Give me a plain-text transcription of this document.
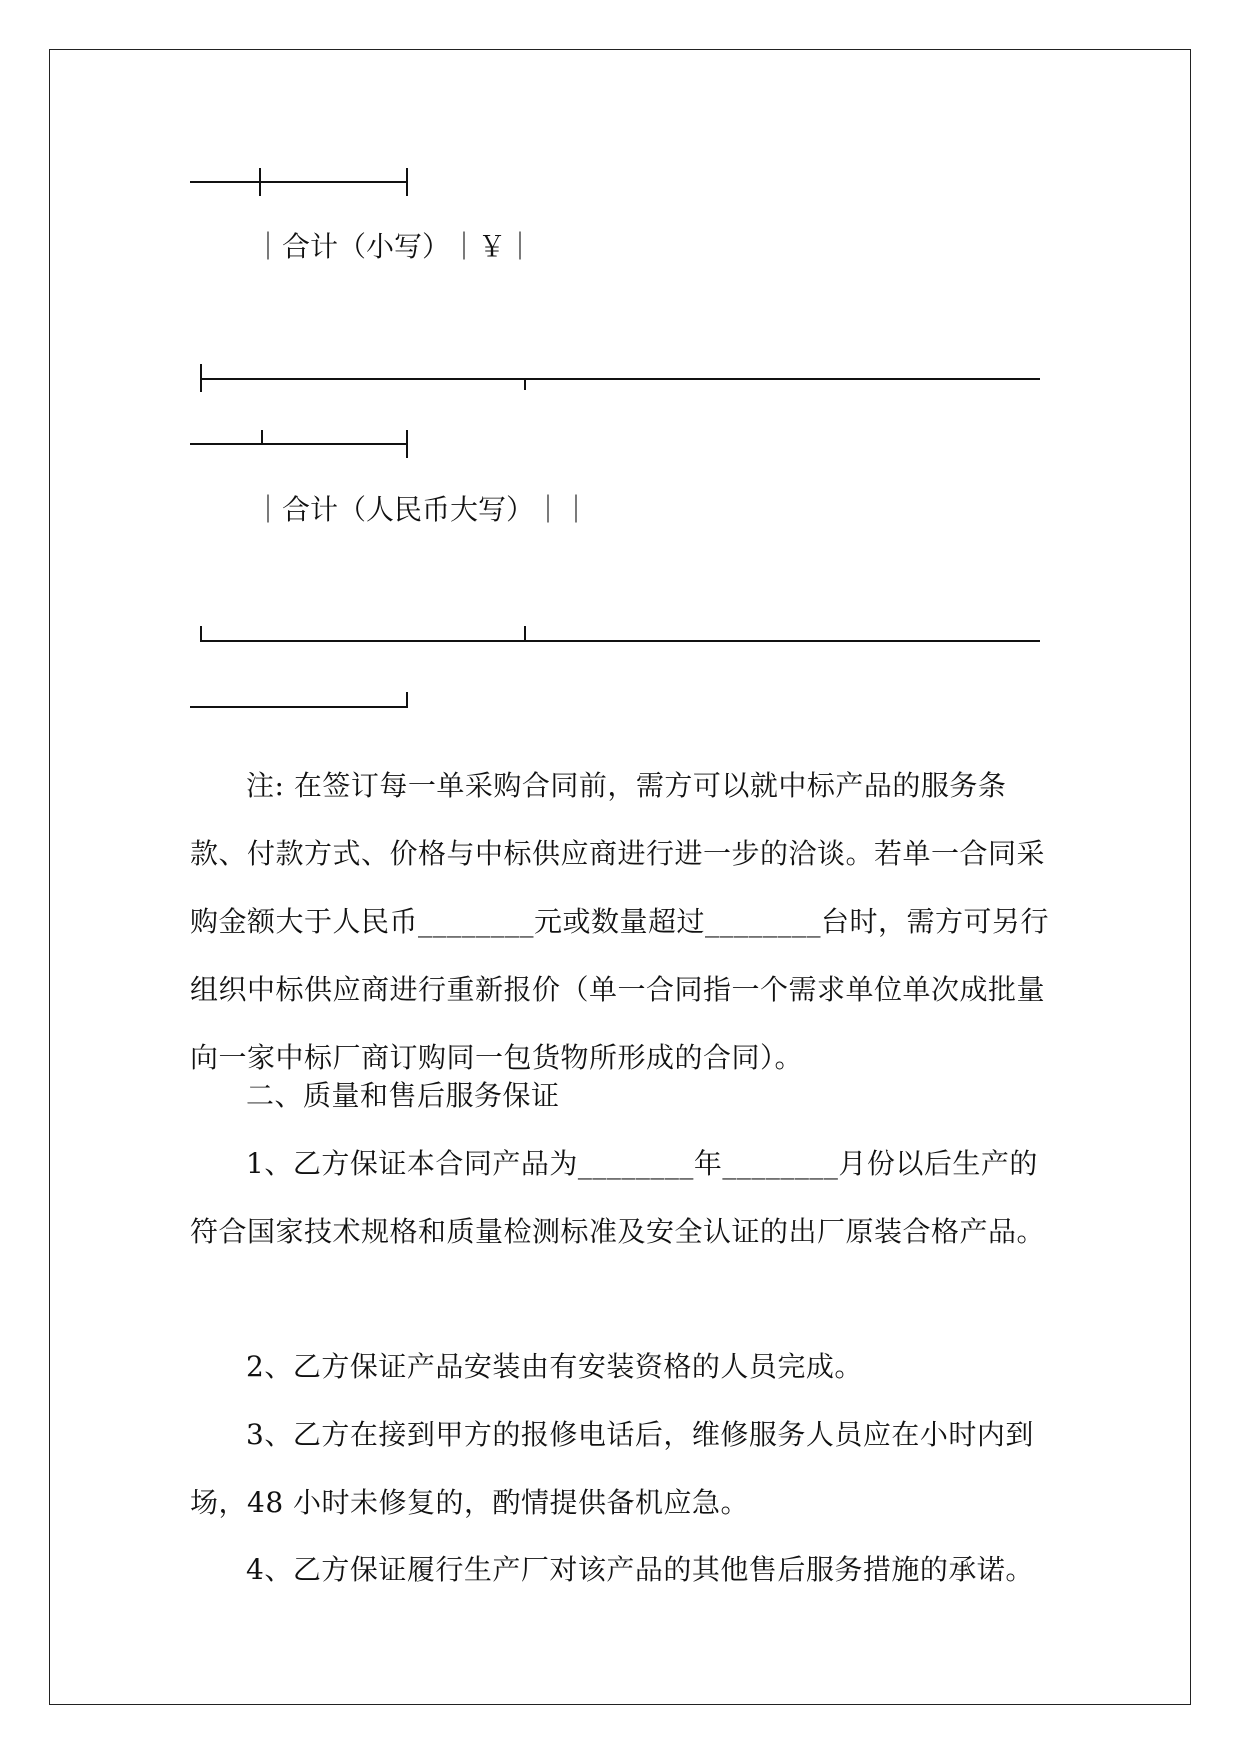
｜合计（小写）｜￥｜
｜合计（人民币大写）｜｜
注: 在签订每一单采购合同前，需方可以就中标产品的服务条款、付款方式、价格与中标供应商进行进一步的洽谈。若单一合同采购金额大于人民币________元或数量超过________台时，需方可另行组织中标供应商进行重新报价（单一合同指一个需求单位单次成批量向一家中标厂商订购同一包货物所形成的合同）。
二、质量和售后服务保证
1、乙方保证本合同产品为________年________月份以后生产的符合国家技术规格和质量检测标准及安全认证的出厂原装合格产品。
2、乙方保证产品安装由有安装资格的人员完成。
3、乙方在接到甲方的报修电话后，维修服务人员应在小时内到场，48 小时未修复的，酌情提供备机应急。
4、乙方保证履行生产厂对该产品的其他售后服务措施的承诺。
